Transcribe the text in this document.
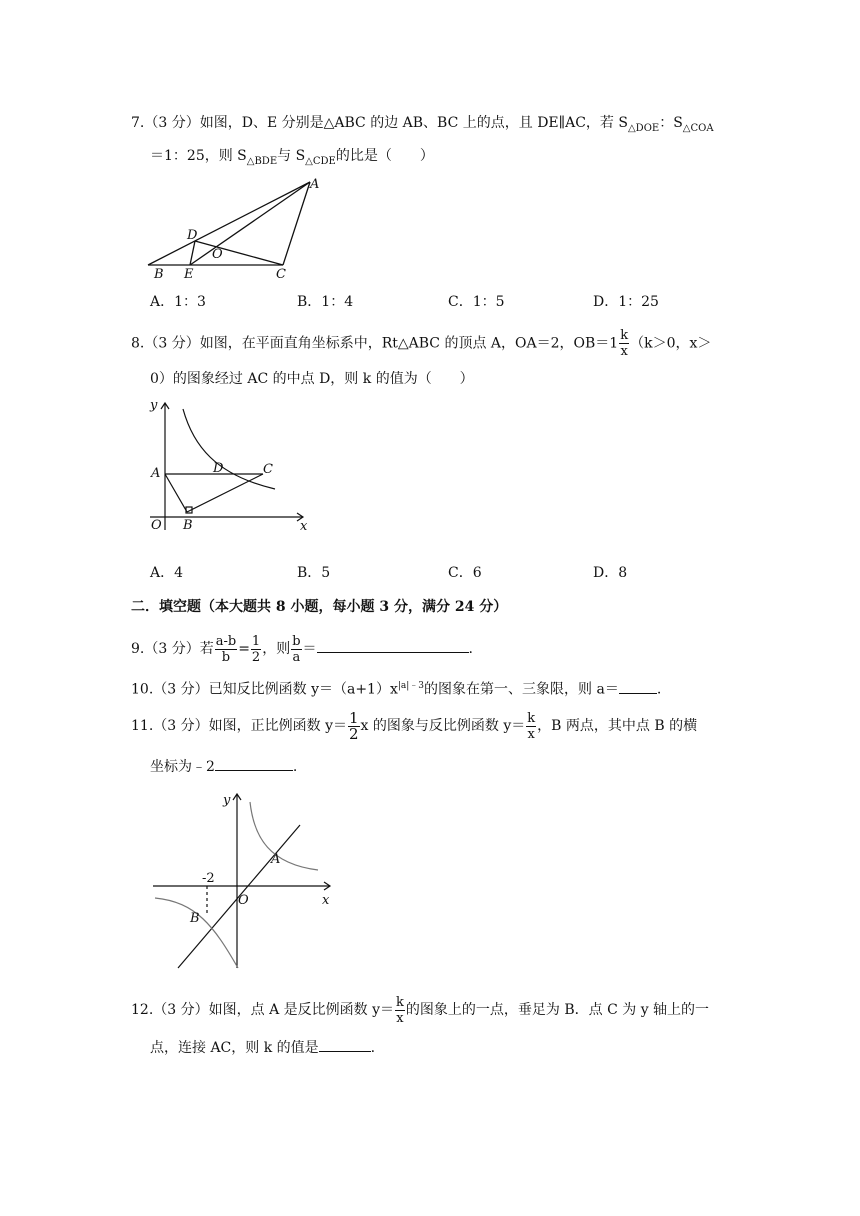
7.（3 分）如图，D、E 分别是△ABC 的边 AB、BC 上的点，且 DE∥AC，若 $S_{\triangle DOE}$：$S_{\triangle COA}$
＝1：25，则 $S_{\triangle BDE}$与 $S_{\triangle CDE}$的比是（　　）
A
B	C
D
E
O
A．1：3	B．1：4	C．1：5	D．1：25
8.（3 分）如图，在平面直角坐标系中，Rt△ABC 的顶点 A，OA＝2，$OB=1 \frac{k}{x} (k>0$，x＞
0）的图象经过 AC 的中点 D，则 k 的值为（　　）
y
x
A
B
C
D
O
A．4	B．5	C．6	D．8
二．填空题（本大题共 8 小题，每小题 3 分，满分 24 分）
9.（3 分）若 $\frac{a-b}{b} = \frac{1}{2}$ ，则 $\frac{b}{a}$ ＝	.
10.（3 分）已知反比例函数 $y=(a+1)x^{|a|﹣3}$的图象在第一、三象限，则 a＝	.
11.（3 分）如图，正比例函数 $y= \frac{1}{2}$ x 的图象与反比例函数 $y= \frac{k}{x}$ ，B 两点，其中点 B 的横
坐标为﹣2	.
y
x
A
B
O
-2
12.（3 分）如图，点 A 是反比例函数 $y= \frac{k}{x}$ 的图象上的一点，垂足为 B．点 C 为 y 轴上的一
点，连接 AC，则 k 的值是	.
